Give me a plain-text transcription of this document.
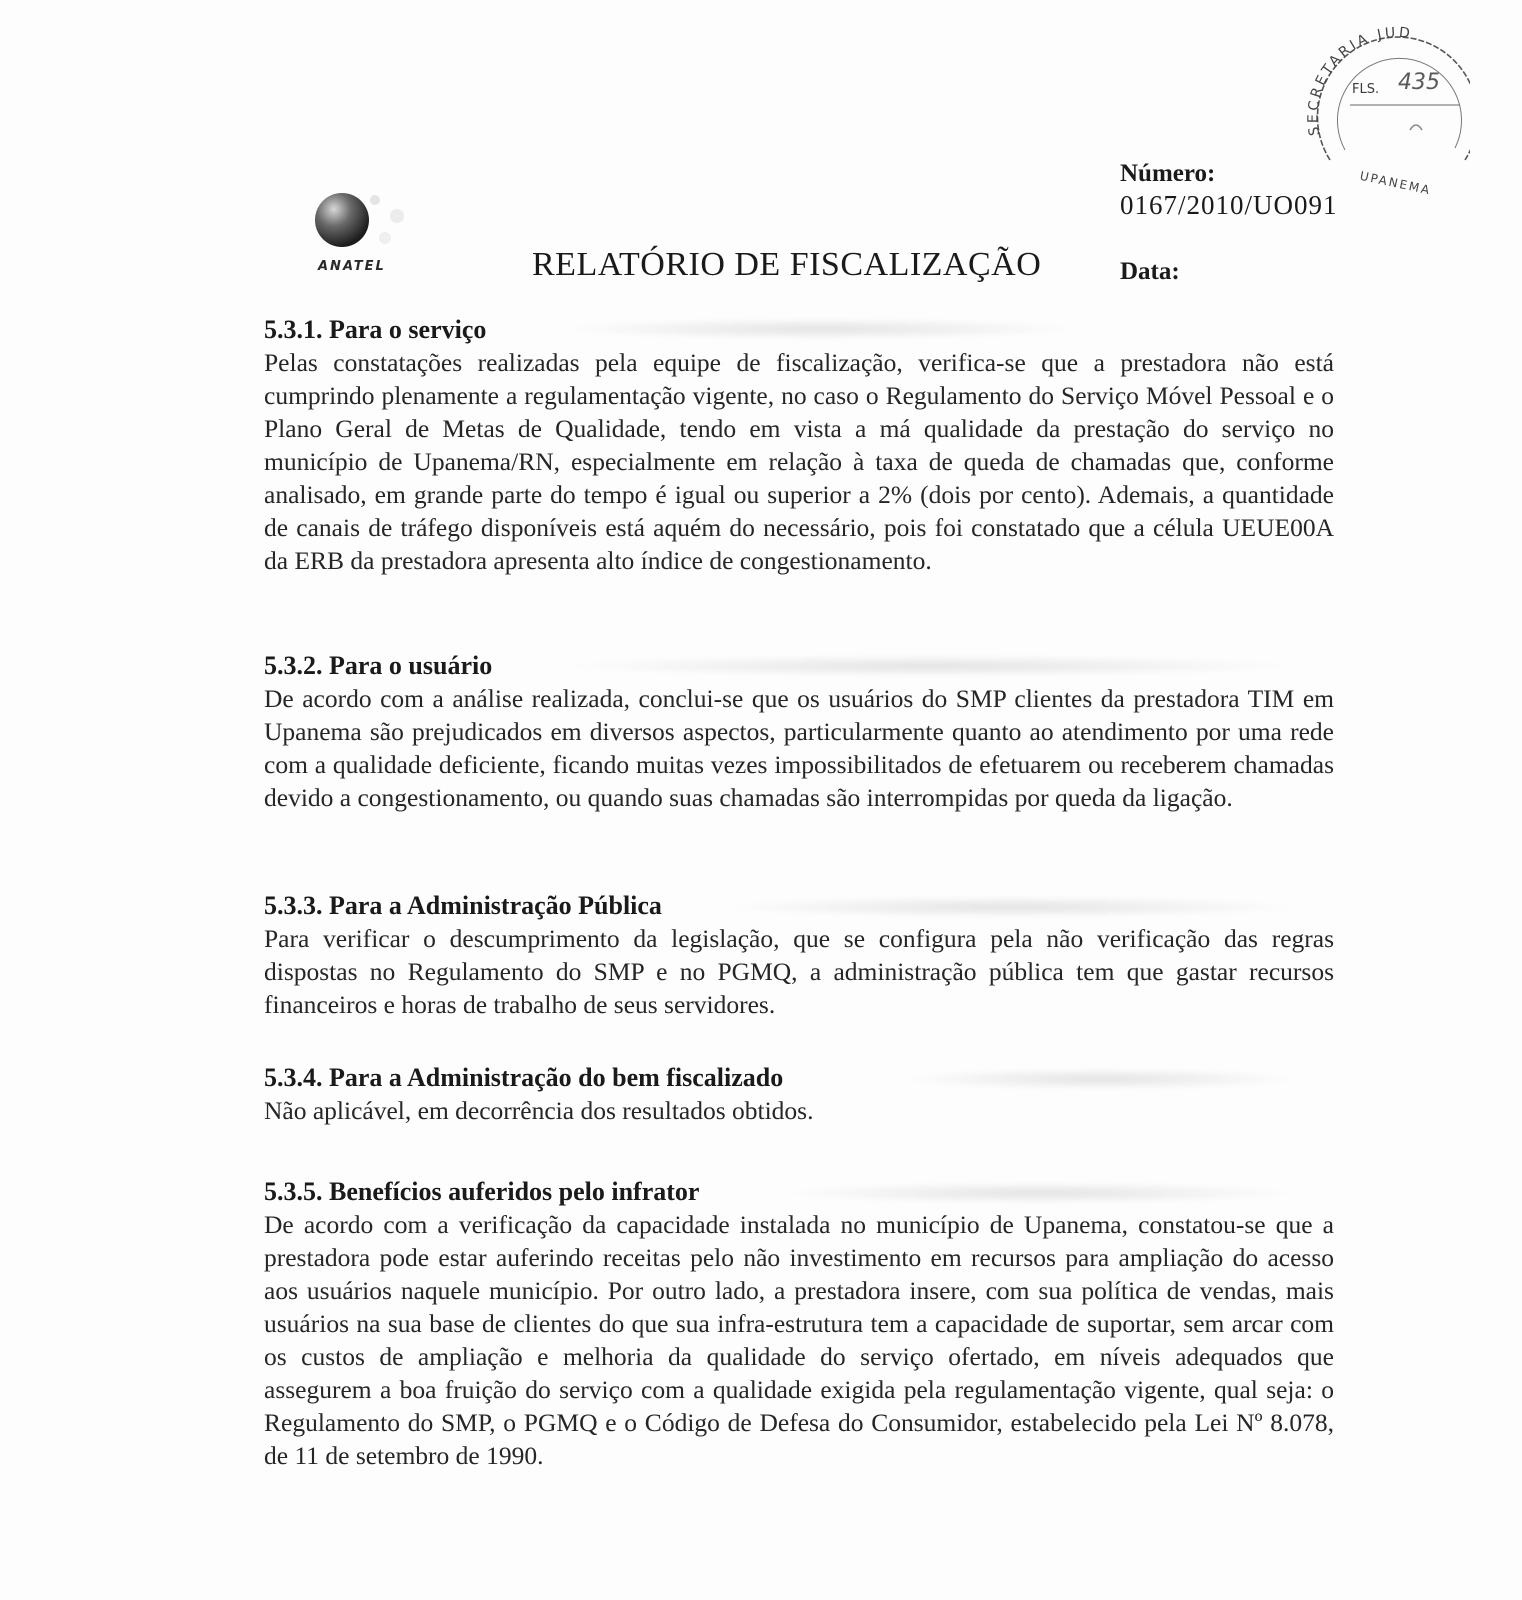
ANATEL	RELATÓRIO DE FISCALIZAÇÃO
Número:
0167/2010/UO091
Data:
SECRETARIA JUD
UPANEMA
FLS. 435
5.3.1. Para o serviço

Pelas constatações realizadas pela equipe de fiscalização, verifica-se que a prestadora não está cumprindo plenamente a regulamentação vigente, no caso o Regulamento do Serviço Móvel Pessoal e o Plano Geral de Metas de Qualidade, tendo em vista a má qualidade da prestação do serviço no município de Upanema/RN, especialmente em relação à taxa de queda de chamadas que, conforme analisado, em grande parte do tempo é igual ou superior a 2% (dois por cento). Ademais, a quantidade de canais de tráfego disponíveis está aquém do necessário, pois foi constatado que a célula UEUE00A da ERB da prestadora apresenta alto índice de congestionamento.

5.3.2. Para o usuário

De acordo com a análise realizada, conclui-se que os usuários do SMP clientes da prestadora TIM em Upanema são prejudicados em diversos aspectos, particularmente quanto ao atendimento por uma rede com a qualidade deficiente, ficando muitas vezes impossibilitados de efetuarem ou receberem chamadas devido a congestionamento, ou quando suas chamadas são interrompidas por queda da ligação.

5.3.3. Para a Administração Pública

Para verificar o descumprimento da legislação, que se configura pela não verificação das regras dispostas no Regulamento do SMP e no PGMQ, a administração pública tem que gastar recursos financeiros e horas de trabalho de seus servidores.

5.3.4. Para a Administração do bem fiscalizado

Não aplicável, em decorrência dos resultados obtidos.

5.3.5. Benefícios auferidos pelo infrator

De acordo com a verificação da capacidade instalada no município de Upanema, constatou-se que a prestadora pode estar auferindo receitas pelo não investimento em recursos para ampliação do acesso aos usuários naquele município. Por outro lado, a prestadora insere, com sua política de vendas, mais usuários na sua base de clientes do que sua infra-estrutura tem a capacidade de suportar, sem arcar com os custos de ampliação e melhoria da qualidade do serviço ofertado, em níveis adequados que assegurem a boa fruição do serviço com a qualidade exigida pela regulamentação vigente, qual seja: o Regulamento do SMP, o PGMQ e o Código de Defesa do Consumidor, estabelecido pela Lei Nº 8.078, de 11 de setembro de 1990.
